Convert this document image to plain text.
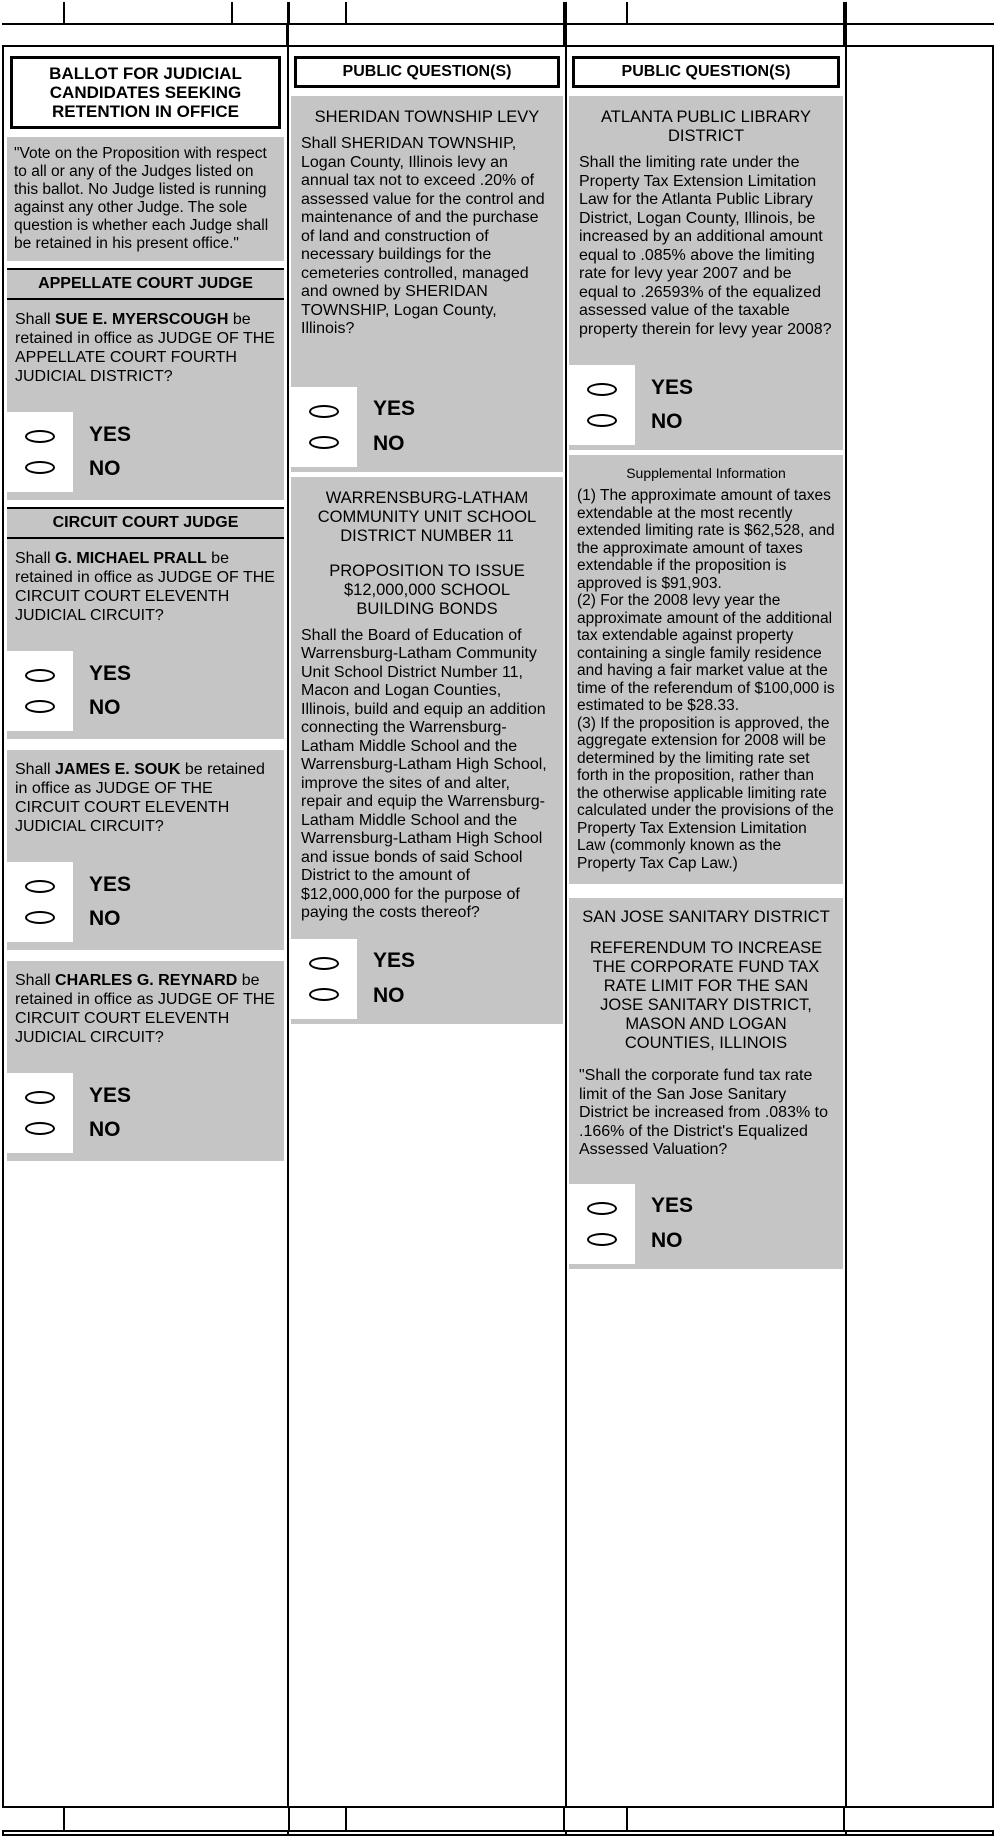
BALLOT FOR JUDICIAL CANDIDATES SEEKING RETENTION IN OFFICE
"Vote on the Proposition with respect to all or any of the Judges listed on this ballot. No Judge listed is running against any other Judge. The sole question is whether each Judge shall be retained in his present office."
APPELLATE COURT JUDGE
Shall SUE E. MYERSCOUGH be retained in office as JUDGE OF THE APPELLATE COURT FOURTH JUDICIAL DISTRICT?
YES
NO
CIRCUIT COURT JUDGE
Shall G. MICHAEL PRALL be retained in office as JUDGE OF THE CIRCUIT COURT ELEVENTH JUDICIAL CIRCUIT?
YES
NO
Shall JAMES E. SOUK be retained in office as JUDGE OF THE CIRCUIT COURT ELEVENTH JUDICIAL CIRCUIT?
YES
NO
Shall CHARLES G. REYNARD be retained in office as JUDGE OF THE CIRCUIT COURT ELEVENTH JUDICIAL CIRCUIT?
YES
NO
PUBLIC QUESTION(S)
SHERIDAN TOWNSHIP LEVY
Shall SHERIDAN TOWNSHIP, Logan County, Illinois levy an annual tax not to exceed .20% of assessed value for the control and maintenance of and the purchase of land and construction of necessary buildings for the cemeteries controlled, managed and owned by SHERIDAN TOWNSHIP, Logan County, Illinois?
YES
NO
WARRENSBURG-LATHAM COMMUNITY UNIT SCHOOL DISTRICT NUMBER 11
PROPOSITION TO ISSUE $12,000,000 SCHOOL BUILDING BONDS
Shall the Board of Education of Warrensburg-Latham Community Unit School District Number 11, Macon and Logan Counties, Illinois, build and equip an addition connecting the Warrensburg-Latham Middle School and the Warrensburg-Latham High School, improve the sites of and alter, repair and equip the Warrensburg-Latham Middle School and the Warrensburg-Latham High School and issue bonds of said School District to the amount of $12,000,000 for the purpose of paying the costs thereof?
YES
NO
PUBLIC QUESTION(S)
ATLANTA PUBLIC LIBRARY DISTRICT
Shall the limiting rate under the Property Tax Extension Limitation Law for the Atlanta Public Library District, Logan County, Illinois, be increased by an additional amount equal to .085% above the limiting rate for levy year 2007 and be equal to .26593% of the equalized assessed value of the taxable property therein for levy year 2008?
YES
NO
Supplemental Information
(1) The approximate amount of taxes extendable at the most recently extended limiting rate is $62,528, and the approximate amount of taxes extendable if the proposition is approved is $91,903.
(2) For the 2008 levy year the approximate amount of the additional tax extendable against property containing a single family residence and having a fair market value at the time of the referendum of $100,000 is estimated to be $28.33.
(3) If the proposition is approved, the aggregate extension for 2008 will be determined by the limiting rate set forth in the proposition, rather than the otherwise applicable limiting rate calculated under the provisions of the Property Tax Extension Limitation Law (commonly known as the Property Tax Cap Law.)
SAN JOSE SANITARY DISTRICT
REFERENDUM TO INCREASE THE CORPORATE FUND TAX RATE LIMIT FOR THE SAN JOSE SANITARY DISTRICT, MASON AND LOGAN COUNTIES, ILLINOIS
"Shall the corporate fund tax rate limit of the San Jose Sanitary District be increased from .083% to .166% of the District's Equalized Assessed Valuation?
YES
NO
